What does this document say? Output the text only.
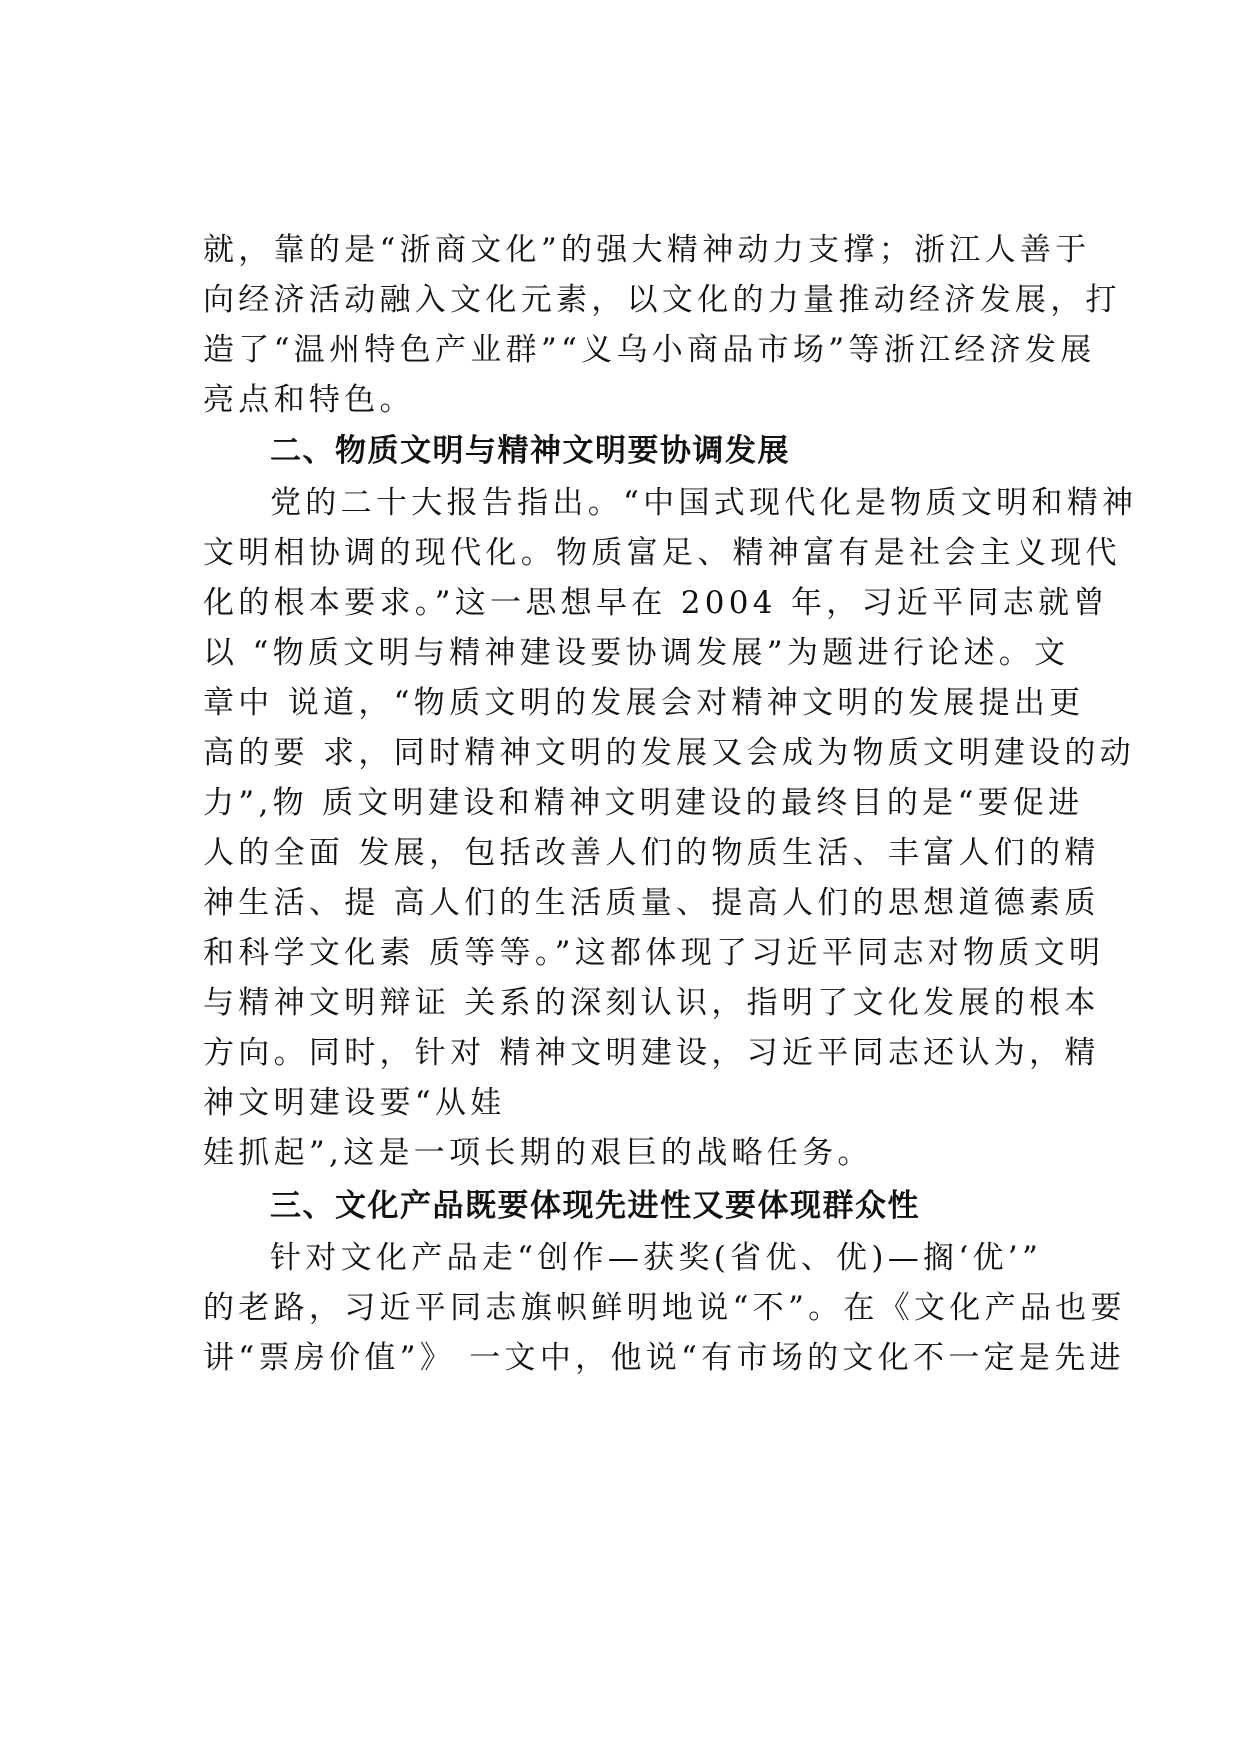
就，靠的是“浙商文化”的强大精神动力支撑；浙江人善于
向经济活动融入文化元素，以文化的力量推动经济发展，打
造了“温州特色产业群”“义乌小商品市场”等浙江经济发展
亮点和特色。
二、物质文明与精神文明要协调发展
党的二十大报告指出。“中国式现代化是物质文明和精神
文明相协调的现代化。物质富足、精神富有是社会主义现代
化的根本要求。”这一思想早在 2004 年，习近平同志就曾
以 “物质文明与精神建设要协调发展”为题进行论述。文
章中 说道，“物质文明的发展会对精神文明的发展提出更
高的要 求，同时精神文明的发展又会成为物质文明建设的动
力”,物 质文明建设和精神文明建设的最终目的是“要促进
人的全面 发展，包括改善人们的物质生活、丰富人们的精
神生活、提 高人们的生活质量、提高人们的思想道德素质
和科学文化素 质等等。”这都体现了习近平同志对物质文明
与精神文明辩证 关系的深刻认识，指明了文化发展的根本
方向。同时，针对 精神文明建设，习近平同志还认为，精
神文明建设要“从娃
娃抓起”,这是一项长期的艰巨的战略任务。
三、文化产品既要体现先进性又要体现群众性
针对文化产品走“创作—获奖(省优、优)—搁‘优’”
的老路，习近平同志旗帜鲜明地说“不”。在《文化产品也要
讲“票房价值”》 一文中，他说“有市场的文化不一定是先进
